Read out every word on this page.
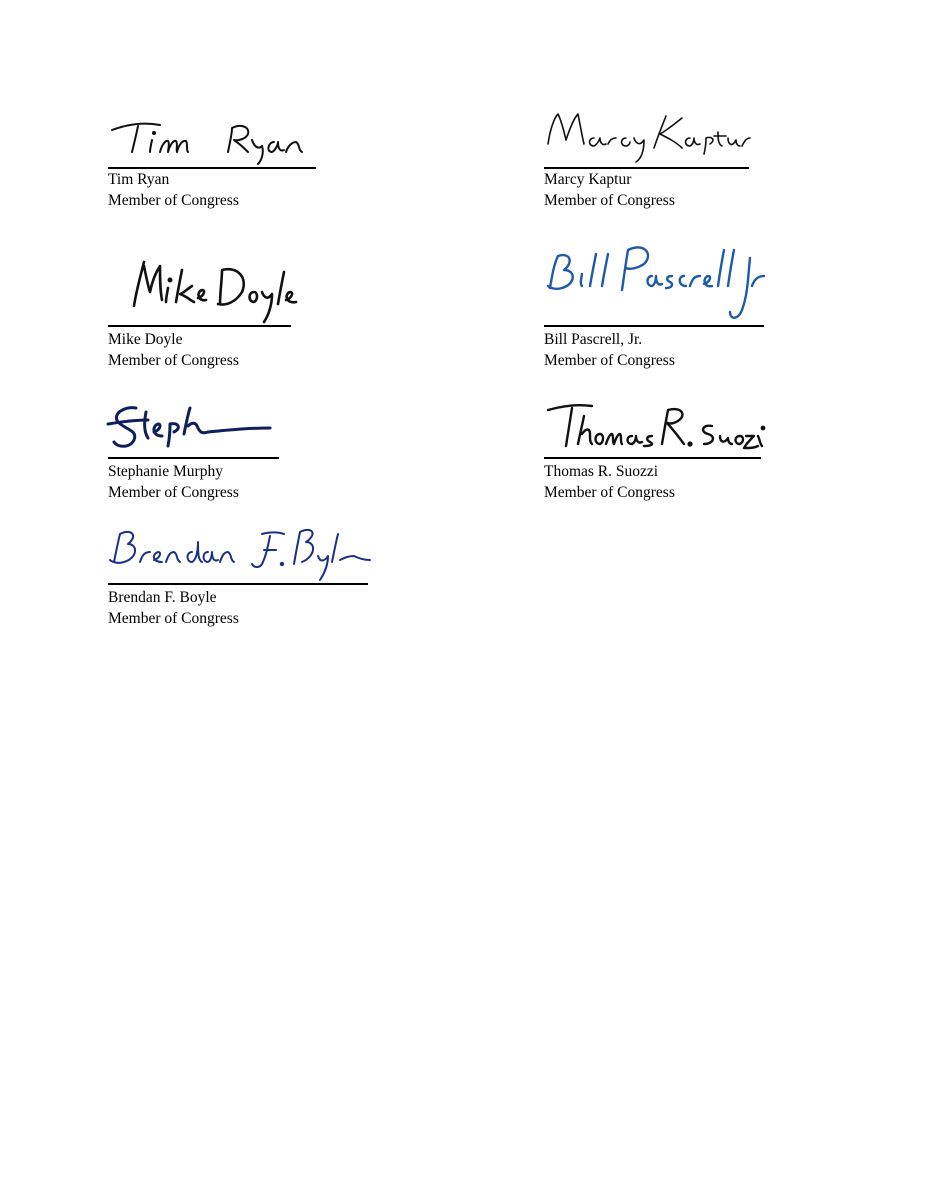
Tim Ryan
Member of Congress
Marcy Kaptur
Member of Congress
Mike Doyle
Member of Congress
Bill Pascrell, Jr.
Member of Congress
Stephanie Murphy
Member of Congress
Thomas R. Suozzi
Member of Congress
Brendan F. Boyle
Member of Congress
